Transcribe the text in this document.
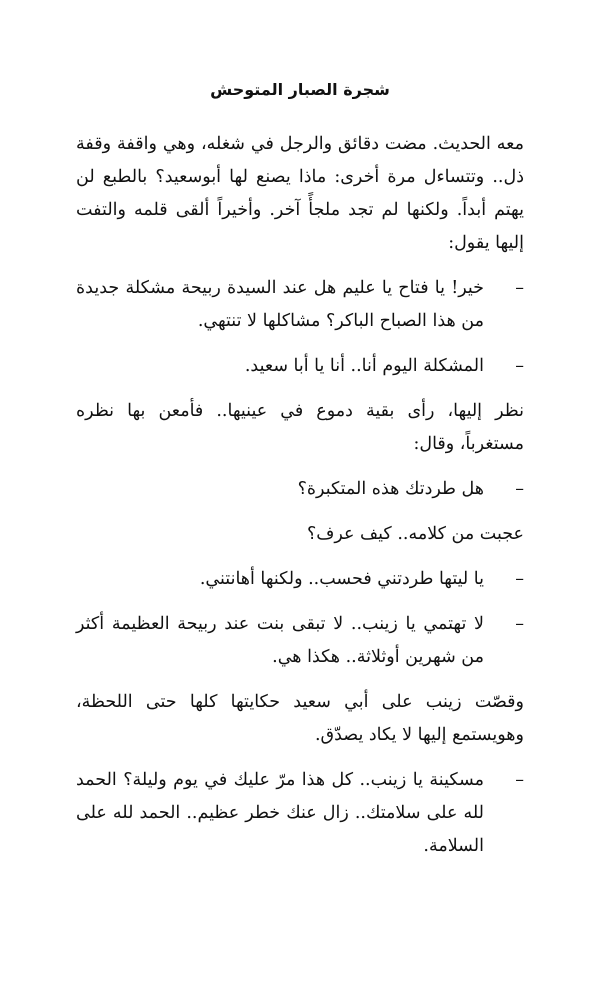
شجرة الصبار المتوحش

معه الحديث. مضت دقائق والرجل في شغله، وهي واقفة وقفة ذل.. وتتساءل مرة أخرى: ماذا يصنع لها أبوسعيد؟ بالطبع لن يهتم أبداً. ولكنها لم تجد ملجأً آخر. وأخيراً ألقى قلمه والتفت إليها يقول:

–
خير! يا فتاح يا عليم هل عند السيدة ربيحة مشكلة جديدة من هذا الصباح الباكر؟ مشاكلها لا تنتهي.
–
المشكلة اليوم أنا.. أنا يا أبا سعيد.

نظر إليها، رأى بقية دموع في عينيها.. فأمعن بها نظره مستغرباً، وقال:

–
هل طردتك هذه المتكبرة؟

عجبت من كلامه.. كيف عرف؟

–
يا ليتها طردتني فحسب.. ولكنها أهانتني.
–
لا تهتمي يا زينب.. لا تبقى بنت عند ربيحة العظيمة أكثر من شهرين أوثلاثة.. هكذا هي.

وقصّت زينب على أبي سعيد حكايتها كلها حتى اللحظة، وهويستمع إليها لا يكاد يصدّق.

–
مسكينة يا زينب.. كل هذا مرّ عليك في يوم وليلة؟ الحمد لله على سلامتك.. زال عنك خطر عظيم.. الحمد لله على السلامة.
